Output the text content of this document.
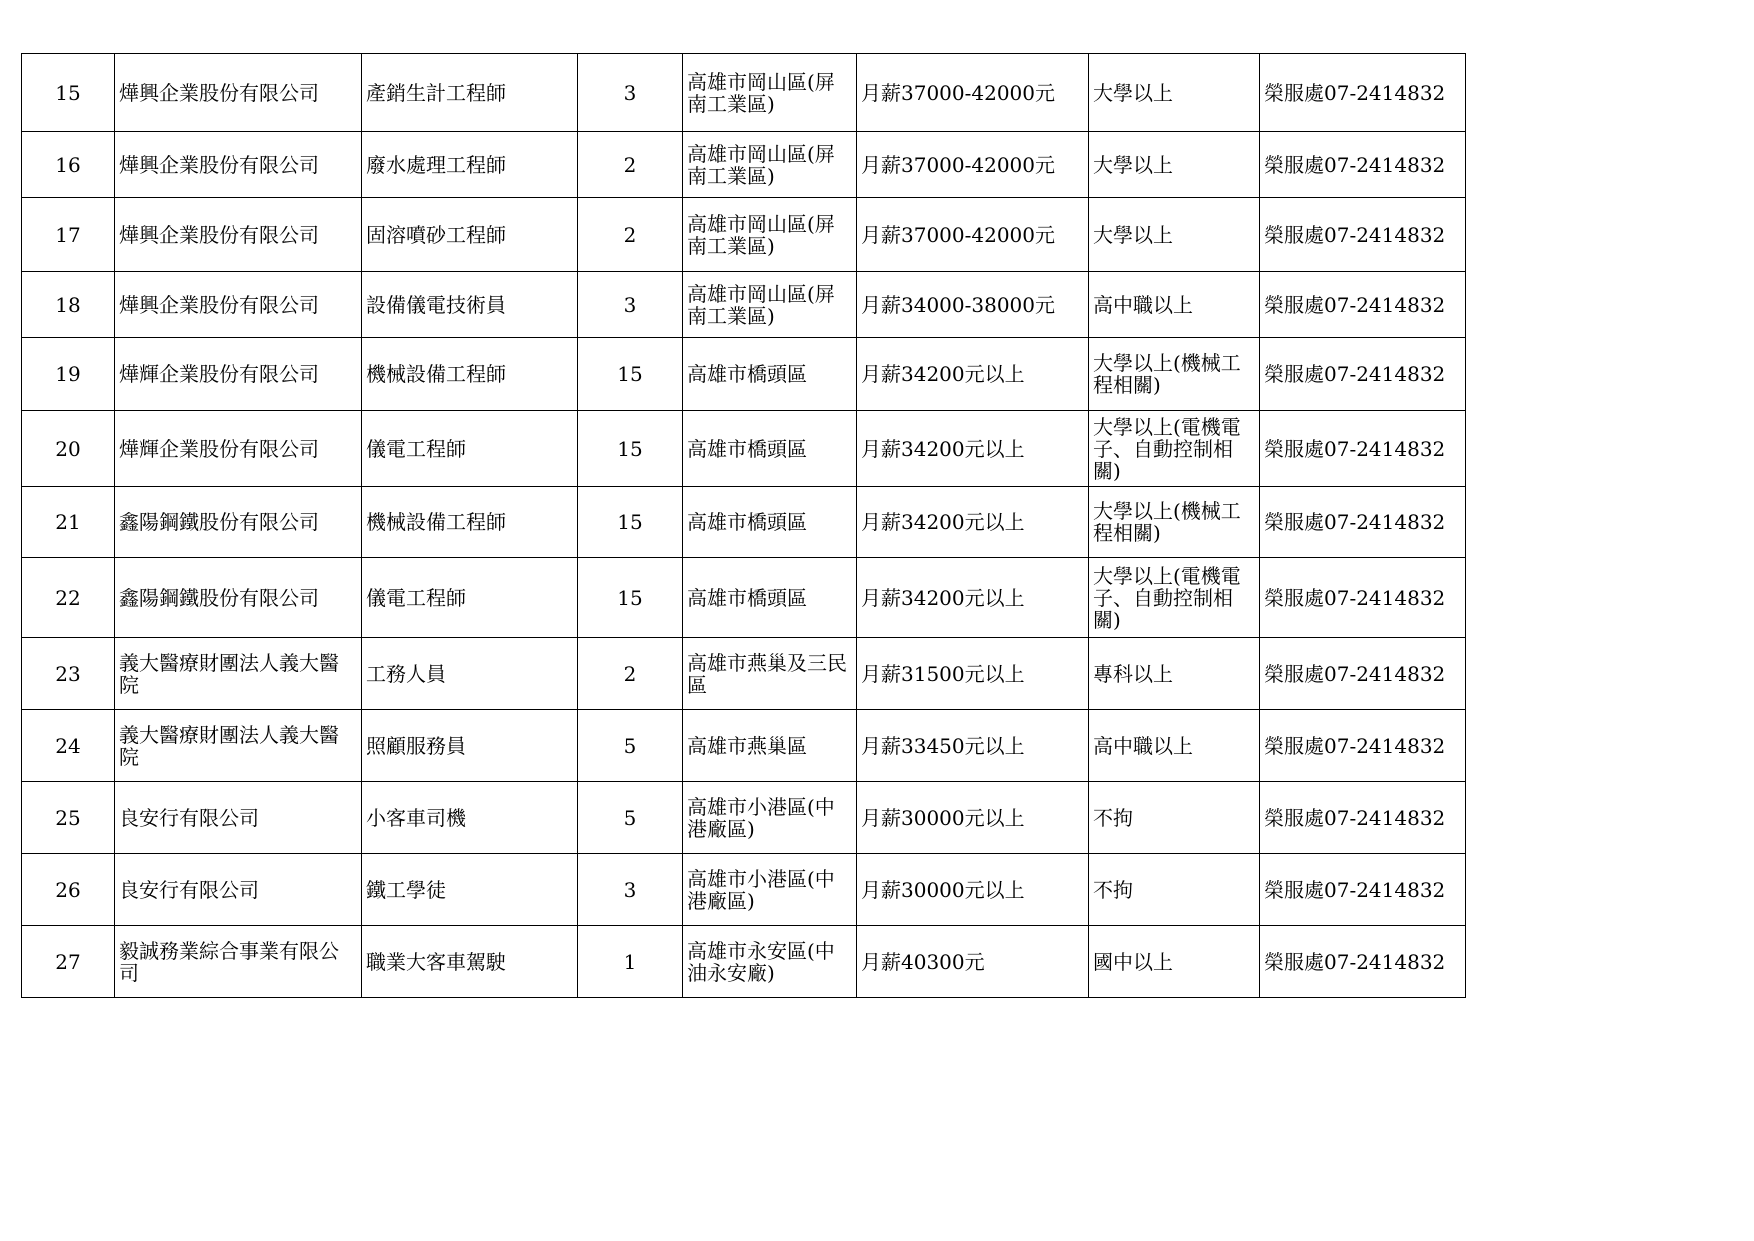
15	燁興企業股份有限公司	產銷生計工程師	3	高雄市岡山區(屏南工業區)	月薪37000-42000元	大學以上	榮服處07-2414832
16	燁興企業股份有限公司	廢水處理工程師	2	高雄市岡山區(屏南工業區)	月薪37000-42000元	大學以上	榮服處07-2414832
17	燁興企業股份有限公司	固溶噴砂工程師	2	高雄市岡山區(屏南工業區)	月薪37000-42000元	大學以上	榮服處07-2414832
18	燁興企業股份有限公司	設備儀電技術員	3	高雄市岡山區(屏南工業區)	月薪34000-38000元	高中職以上	榮服處07-2414832
19	燁輝企業股份有限公司	機械設備工程師	15	高雄市橋頭區	月薪34200元以上	大學以上(機械工程相關)	榮服處07-2414832
20	燁輝企業股份有限公司	儀電工程師	15	高雄市橋頭區	月薪34200元以上	大學以上(電機電子、自動控制相關)	榮服處07-2414832
21	鑫陽鋼鐵股份有限公司	機械設備工程師	15	高雄市橋頭區	月薪34200元以上	大學以上(機械工程相關)	榮服處07-2414832
22	鑫陽鋼鐵股份有限公司	儀電工程師	15	高雄市橋頭區	月薪34200元以上	大學以上(電機電子、自動控制相關)	榮服處07-2414832
23	義大醫療財團法人義大醫院	工務人員	2	高雄市燕巢及三民區	月薪31500元以上	專科以上	榮服處07-2414832
24	義大醫療財團法人義大醫院	照顧服務員	5	高雄市燕巢區	月薪33450元以上	高中職以上	榮服處07-2414832
25	良安行有限公司	小客車司機	5	高雄市小港區(中港廠區)	月薪30000元以上	不拘	榮服處07-2414832
26	良安行有限公司	鐵工學徒	3	高雄市小港區(中港廠區)	月薪30000元以上	不拘	榮服處07-2414832
27	毅誠務業綜合事業有限公司	職業大客車駕駛	1	高雄市永安區(中油永安廠)	月薪40300元	國中以上	榮服處07-2414832
